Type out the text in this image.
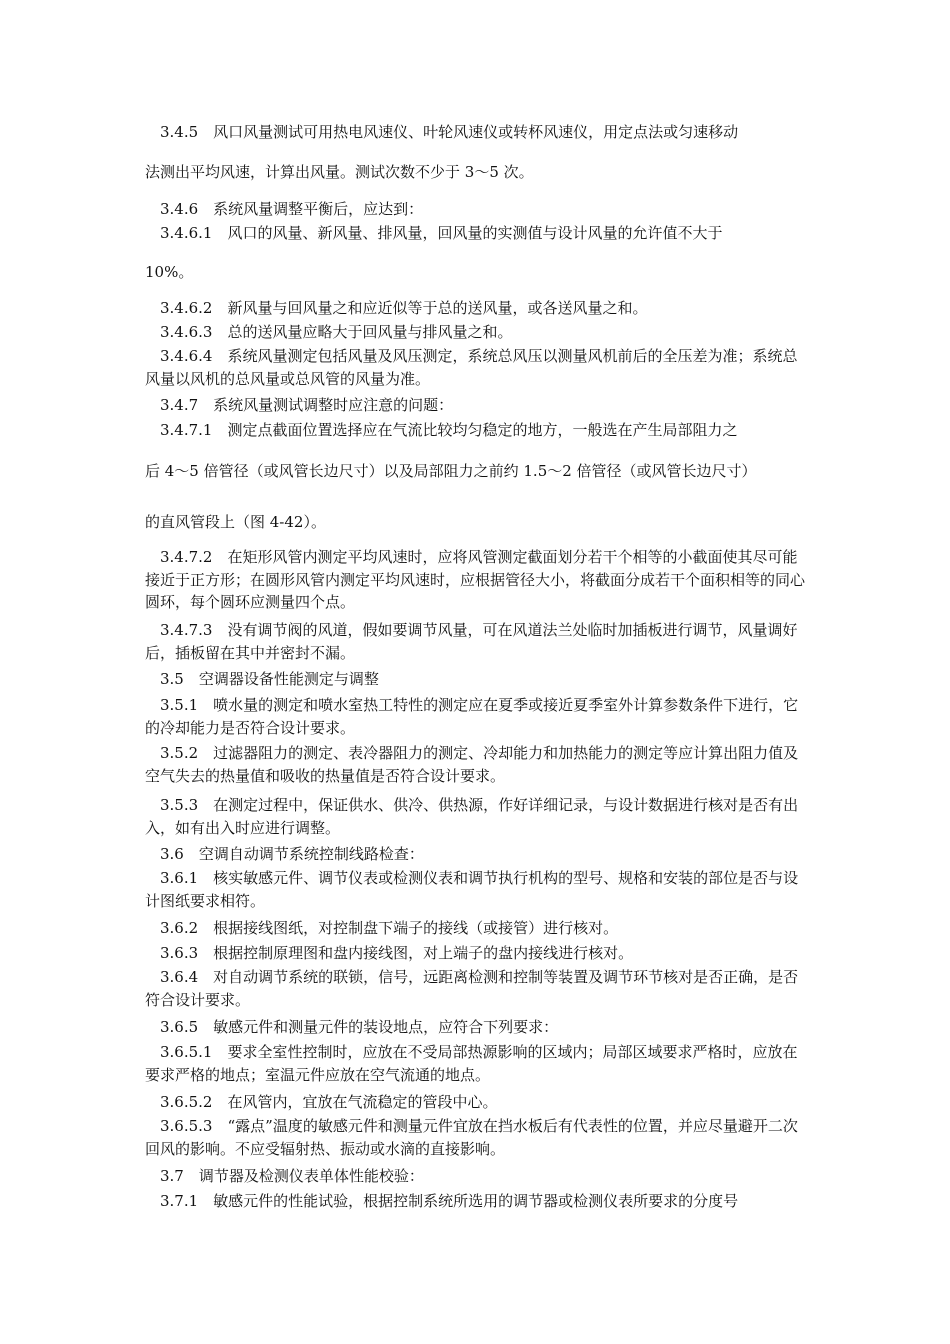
3.4.5　风口风量测试可用热电风速仪、叶轮风速仪或转杯风速仪，用定点法或匀速移动

法测出平均风速，计算出风量。测试次数不少于 3～5 次。

3.4.6　系统风量调整平衡后，应达到：

3.4.6.1　风口的风量、新风量、排风量，回风量的实测值与设计风量的允许值不大于

10%。

3.4.6.2　新风量与回风量之和应近似等于总的送风量，或各送风量之和。

3.4.6.3　总的送风量应略大于回风量与排风量之和。

3.4.6.4　系统风量测定包括风量及风压测定，系统总风压以测量风机前后的全压差为准；系统总风量以风机的总风量或总风管的风量为准。

3.4.7　系统风量测试调整时应注意的问题：

3.4.7.1　测定点截面位置选择应在气流比较均匀稳定的地方，一般选在产生局部阻力之

后 4～5 倍管径（或风管长边尺寸）以及局部阻力之前约 1.5～2 倍管径（或风管长边尺寸）

的直风管段上（图 4-42）。

3.4.7.2　在矩形风管内测定平均风速时，应将风管测定截面划分若干个相等的小截面使其尽可能接近于正方形；在圆形风管内测定平均风速时，应根据管径大小，将截面分成若干个面积相等的同心圆环，每个圆环应测量四个点。

3.4.7.3　没有调节阀的风道，假如要调节风量，可在风道法兰处临时加插板进行调节，风量调好后，插板留在其中并密封不漏。

3.5　空调器设备性能测定与调整

3.5.1　喷水量的测定和喷水室热工特性的测定应在夏季或接近夏季室外计算参数条件下进行，它的冷却能力是否符合设计要求。

3.5.2　过滤器阻力的测定、表冷器阻力的测定、冷却能力和加热能力的测定等应计算出阻力值及空气失去的热量值和吸收的热量值是否符合设计要求。

3.5.3　在测定过程中，保证供水、供冷、供热源，作好详细记录，与设计数据进行核对是否有出入，如有出入时应进行调整。

3.6　空调自动调节系统控制线路检查：

3.6.1　核实敏感元件、调节仪表或检测仪表和调节执行机构的型号、规格和安装的部位是否与设计图纸要求相符。

3.6.2　根据接线图纸，对控制盘下端子的接线（或接管）进行核对。

3.6.3　根据控制原理图和盘内接线图，对上端子的盘内接线进行核对。

3.6.4　对自动调节系统的联锁，信号，远距离检测和控制等装置及调节环节核对是否正确，是否符合设计要求。

3.6.5　敏感元件和测量元件的装设地点，应符合下列要求：

3.6.5.1　要求全室性控制时，应放在不受局部热源影响的区域内；局部区域要求严格时，应放在要求严格的地点；室温元件应放在空气流通的地点。

3.6.5.2　在风管内，宜放在气流稳定的管段中心。

3.6.5.3　“露点”温度的敏感元件和测量元件宜放在挡水板后有代表性的位置，并应尽量避开二次回风的影响。不应受辐射热、振动或水滴的直接影响。

3.7　调节器及检测仪表单体性能校验：

3.7.1　敏感元件的性能试验，根据控制系统所选用的调节器或检测仪表所要求的分度号
